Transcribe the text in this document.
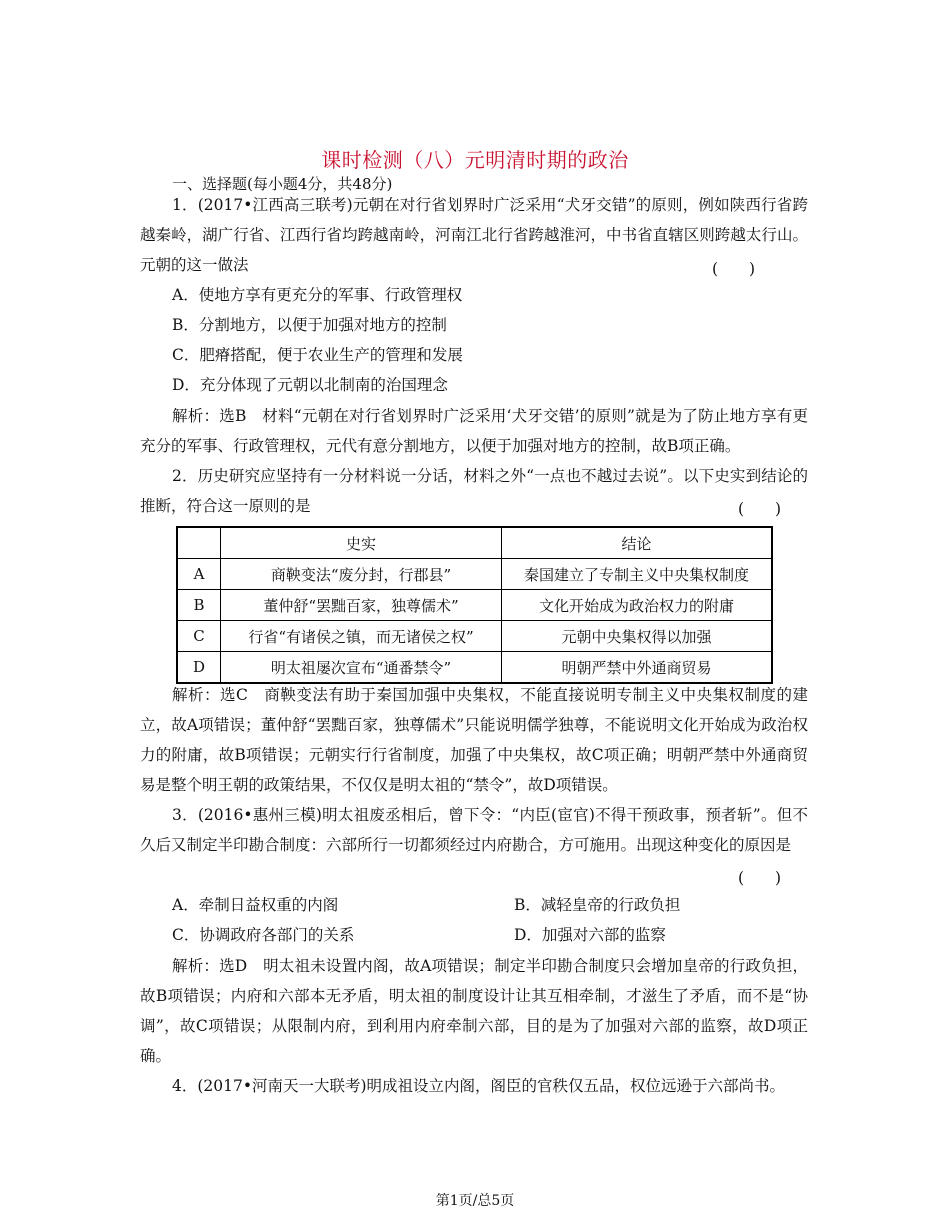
课时检测（八）元明清时期的政治
一、选择题(每小题4分，共48分)
1．(2017•江西高三联考)元朝在对行省划界时广泛采用“犬牙交错”的原则，例如陕西行省跨越秦岭，湖广行省、江西行省均跨越南岭，河南江北行省跨越淮河，中书省直辖区则跨越太行山。元朝的这一做法	(　　)
A．使地方享有更充分的军事、行政管理权
B．分割地方，以便于加强对地方的控制
C．肥瘠搭配，便于农业生产的管理和发展
D．充分体现了元朝以北制南的治国理念
解析：选B　材料“元朝在对行省划界时广泛采用‘犬牙交错’的原则”就是为了防止地方享有更充分的军事、行政管理权，元代有意分割地方，以便于加强对地方的控制，故B项正确。
2．历史研究应坚持有一分材料说一分话，材料之外“一点也不越过去说”。以下史实到结论的推断，符合这一原则的是	(　　)
	史实	结论
A	商鞅变法“废分封，行郡县”	秦国建立了专制主义中央集权制度
B	董仲舒“罢黜百家，独尊儒术”	文化开始成为政治权力的附庸
C	行省“有诸侯之镇，而无诸侯之权”	元朝中央集权得以加强
D	明太祖屡次宣布“通番禁令”	明朝严禁中外通商贸易
解析：选C　商鞅变法有助于秦国加强中央集权，不能直接说明专制主义中央集权制度的建立，故A项错误；董仲舒“罢黜百家，独尊儒术”只能说明儒学独尊，不能说明文化开始成为政治权力的附庸，故B项错误；元朝实行行省制度，加强了中央集权，故C项正确；明朝严禁中外通商贸易是整个明王朝的政策结果，不仅仅是明太祖的“禁令”，故D项错误。
3．(2016•惠州三模)明太祖废丞相后，曾下令：“内臣(宦官)不得干预政事，预者斩”。但不久后又制定半印勘合制度：六部所行一切都须经过内府勘合，方可施用。出现这种变化的原因是
(　　)
A．牵制日益权重的内阁	B．减轻皇帝的行政负担
C．协调政府各部门的关系	D．加强对六部的监察
解析：选D　明太祖未设置内阁，故A项错误；制定半印勘合制度只会增加皇帝的行政负担，故B项错误；内府和六部本无矛盾，明太祖的制度设计让其互相牵制，才滋生了矛盾，而不是“协调”，故C项错误；从限制内府，到利用内府牵制六部，目的是为了加强对六部的监察，故D项正确。
4．(2017•河南天一大联考)明成祖设立内阁，阁臣的官秩仅五品，权位远逊于六部尚书。
第1页/总5页
